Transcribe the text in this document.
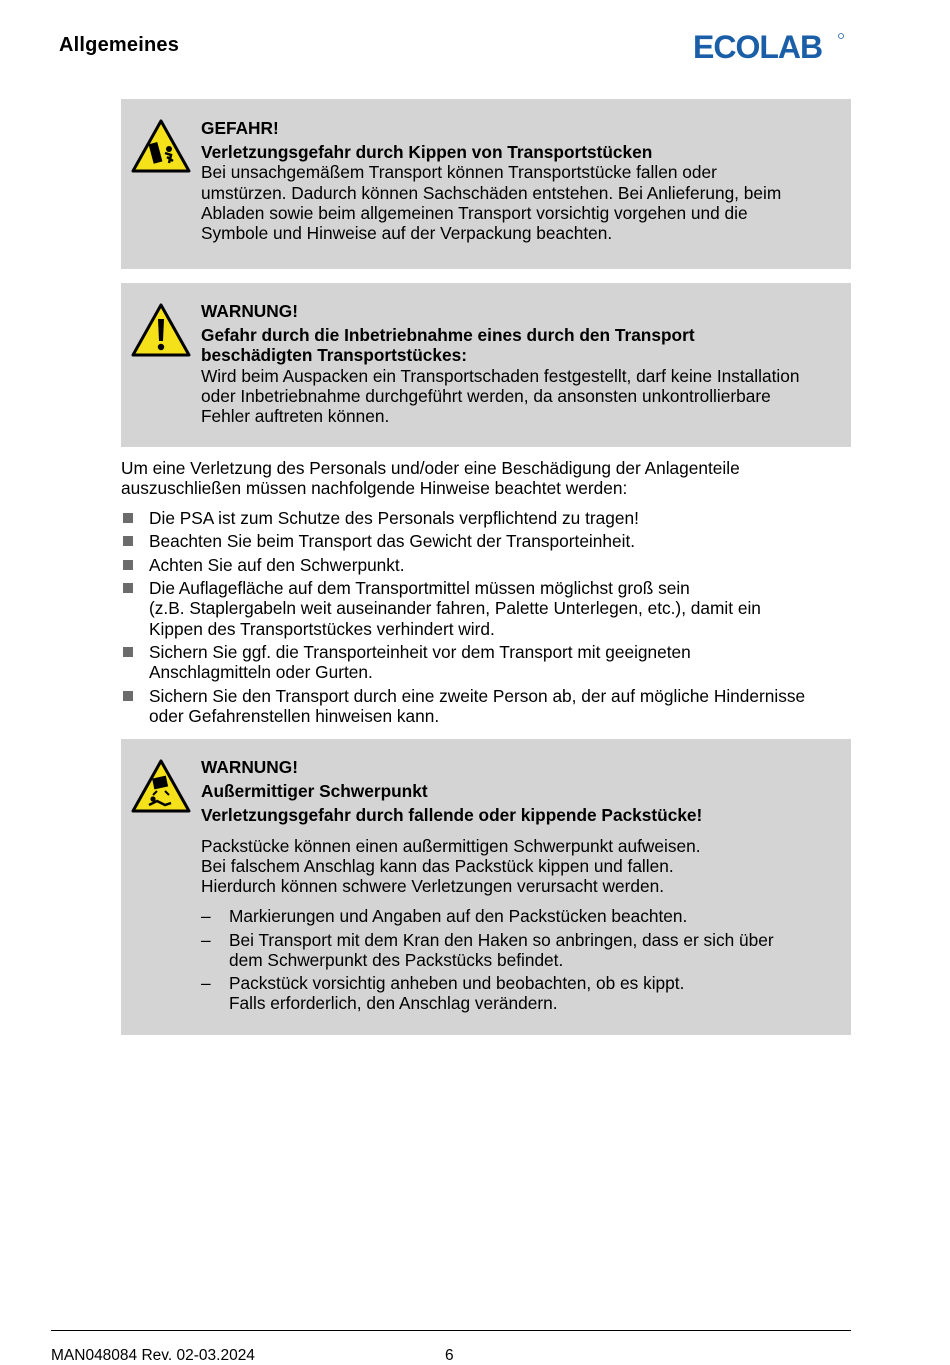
Allgemeines	ECOLAB
GEFAHR!
Verletzungsgefahr durch Kippen von Transportstücken
Bei unsachgemäßem Transport können Transportstücke fallen oder
umstürzen. Dadurch können Sachschäden entstehen. Bei Anlieferung, beim
Abladen sowie beim allgemeinen Transport vorsichtig vorgehen und die
Symbole und Hinweise auf der Verpackung beachten.
WARNUNG!
Gefahr durch die Inbetriebnahme eines durch den Transport
beschädigten Transportstückes:
Wird beim Auspacken ein Transportschaden festgestellt, darf keine Installation
oder Inbetriebnahme durchgeführt werden, da ansonsten unkontrollierbare
Fehler auftreten können.
Um eine Verletzung des Personals und/oder eine Beschädigung der Anlagenteile
auszuschließen müssen nachfolgende Hinweise beachtet werden:
Die PSA ist zum Schutze des Personals verpflichtend zu tragen!
Beachten Sie beim Transport das Gewicht der Transporteinheit.
Achten Sie auf den Schwerpunkt.
Die Auflagefläche auf dem Transportmittel müssen möglichst groß sein
(z.B. Staplergabeln weit auseinander fahren, Palette Unterlegen, etc.), damit ein
Kippen des Transportstückes verhindert wird.
Sichern Sie ggf. die Transporteinheit vor dem Transport mit geeigneten
Anschlagmitteln oder Gurten.
Sichern Sie den Transport durch eine zweite Person ab, der auf mögliche Hindernisse
oder Gefahrenstellen hinweisen kann.
WARNUNG!
Außermittiger Schwerpunkt
Verletzungsgefahr durch fallende oder kippende Packstücke!
Packstücke können einen außermittigen Schwerpunkt aufweisen.
Bei falschem Anschlag kann das Packstück kippen und fallen.
Hierdurch können schwere Verletzungen verursacht werden.
– Markierungen und Angaben auf den Packstücken beachten.
– Bei Transport mit dem Kran den Haken so anbringen, dass er sich über
dem Schwerpunkt des Packstücks befindet.
– Packstück vorsichtig anheben und beobachten, ob es kippt.
Falls erforderlich, den Anschlag verändern.
MAN048084 Rev. 02-03.2024	6
